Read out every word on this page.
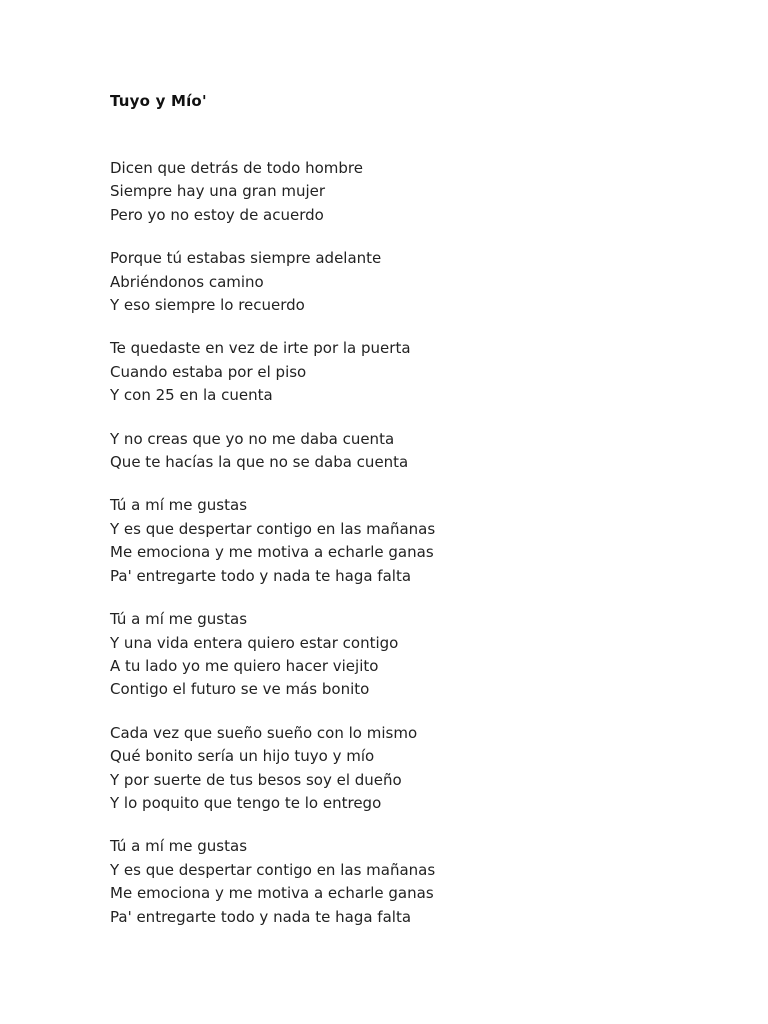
Tuyo y Mío'
Dicen que detrás de todo hombre
Siempre hay una gran mujer
Pero yo no estoy de acuerdo
Porque tú estabas siempre adelante
Abriéndonos camino
Y eso siempre lo recuerdo
Te quedaste en vez de irte por la puerta
Cuando estaba por el piso
Y con 25 en la cuenta
Y no creas que yo no me daba cuenta
Que te hacías la que no se daba cuenta
Tú a mí me gustas
Y es que despertar contigo en las mañanas
Me emociona y me motiva a echarle ganas
Pa' entregarte todo y nada te haga falta
Tú a mí me gustas
Y una vida entera quiero estar contigo
A tu lado yo me quiero hacer viejito
Contigo el futuro se ve más bonito
Cada vez que sueño sueño con lo mismo
Qué bonito sería un hijo tuyo y mío
Y por suerte de tus besos soy el dueño
Y lo poquito que tengo te lo entrego
Tú a mí me gustas
Y es que despertar contigo en las mañanas
Me emociona y me motiva a echarle ganas
Pa' entregarte todo y nada te haga falta
